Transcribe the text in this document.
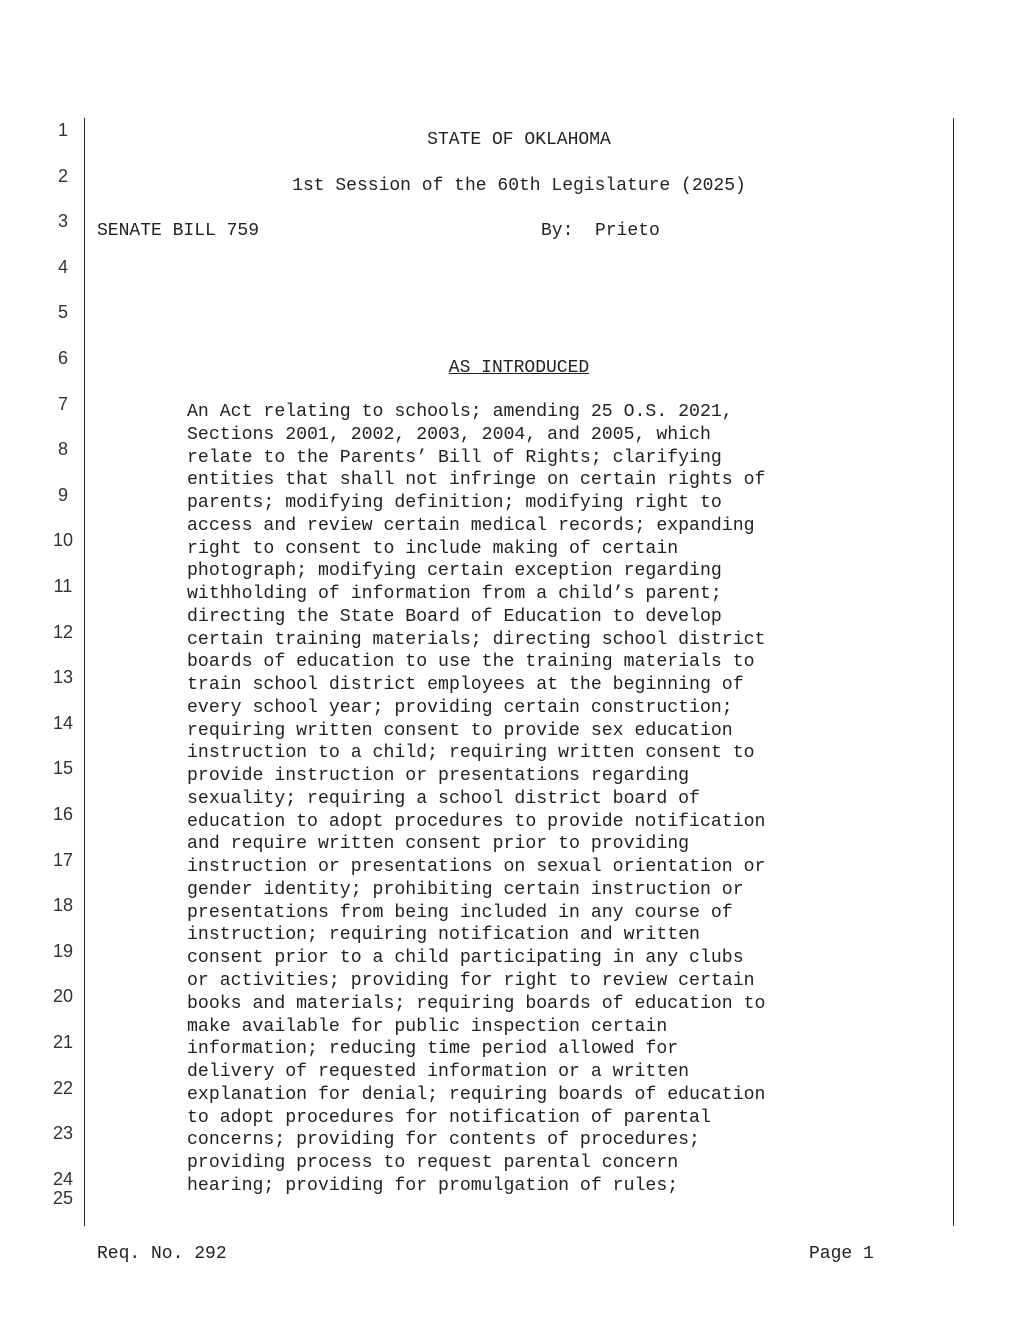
1
2
3
4
5
6
7
8
9
10
11
12
13
14
15
16
17
18
19
20
21
22
23
24
25
STATE OF OKLAHOMA
1st Session of the 60th Legislature (2025)
SENATE BILL 759	By:  Prieto
AS INTRODUCED
An Act relating to schools; amending 25 O.S. 2021,
Sections 2001, 2002, 2003, 2004, and 2005, which
relate to the Parents’ Bill of Rights; clarifying
entities that shall not infringe on certain rights of
parents; modifying definition; modifying right to
access and review certain medical records; expanding
right to consent to include making of certain
photograph; modifying certain exception regarding
withholding of information from a child’s parent;
directing the State Board of Education to develop
certain training materials; directing school district
boards of education to use the training materials to
train school district employees at the beginning of
every school year; providing certain construction;
requiring written consent to provide sex education
instruction to a child; requiring written consent to
provide instruction or presentations regarding
sexuality; requiring a school district board of
education to adopt procedures to provide notification
and require written consent prior to providing
instruction or presentations on sexual orientation or
gender identity; prohibiting certain instruction or
presentations from being included in any course of
instruction; requiring notification and written
consent prior to a child participating in any clubs
or activities; providing for right to review certain
books and materials; requiring boards of education to
make available for public inspection certain
information; reducing time period allowed for
delivery of requested information or a written
explanation for denial; requiring boards of education
to adopt procedures for notification of parental
concerns; providing for contents of procedures;
providing process to request parental concern
hearing; providing for promulgation of rules;
Req. No. 292	Page 1
